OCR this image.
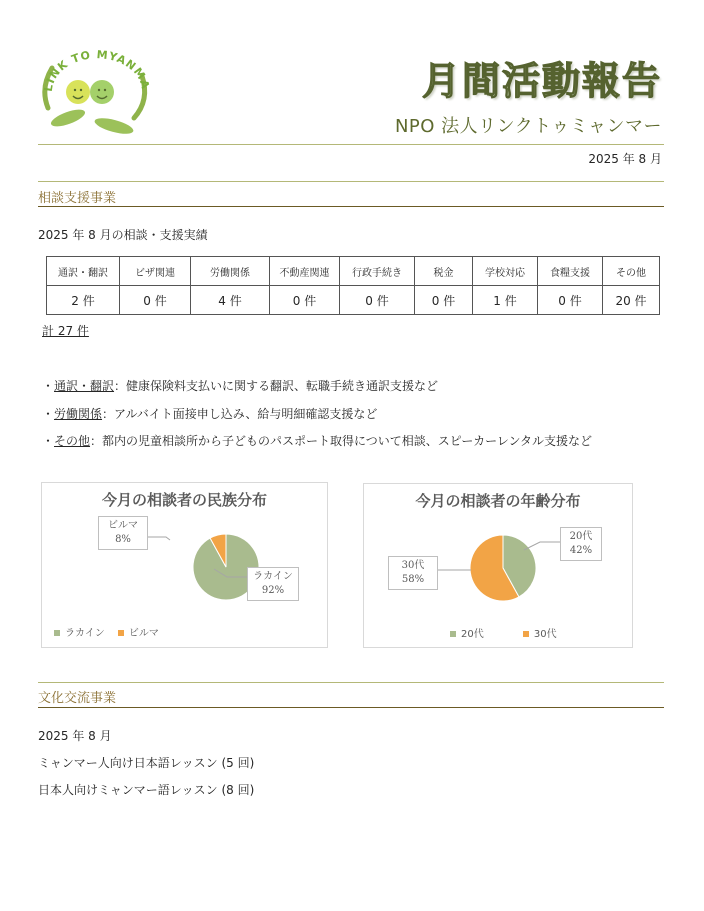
LINK TO MYANMA	月間活動報告
NPO 法人リンクトゥミャンマー
2025 年 8 月
相談支援事業
2025 年 8 月の相談・支援実績
通訳・翻訳	ビザ関連	労働関係	不動産関連	行政手続き	税金	学校対応	食糧支援	その他
2 件	0 件	4 件	0 件	0 件	0 件	1 件	0 件	20 件
計 27 件
・通訳・翻訳：健康保険料支払いに関する翻訳、転職手続き通訳支援など
・労働関係：アルバイト面接申し込み、給与明細確認支援など
・その他：都内の児童相談所から子どものパスポート取得について相談、スピーカーレンタル支援など
今月の相談者の民族分布
ビルマ
8%
ラカイン
92%
ラカイン ビルマ
今月の相談者の年齢分布
20代
42%
30代
58%
20代	30代
文化交流事業
2025 年 8 月
ミャンマー人向け日本語レッスン (5 回)
日本人向けミャンマー語レッスン (8 回)
